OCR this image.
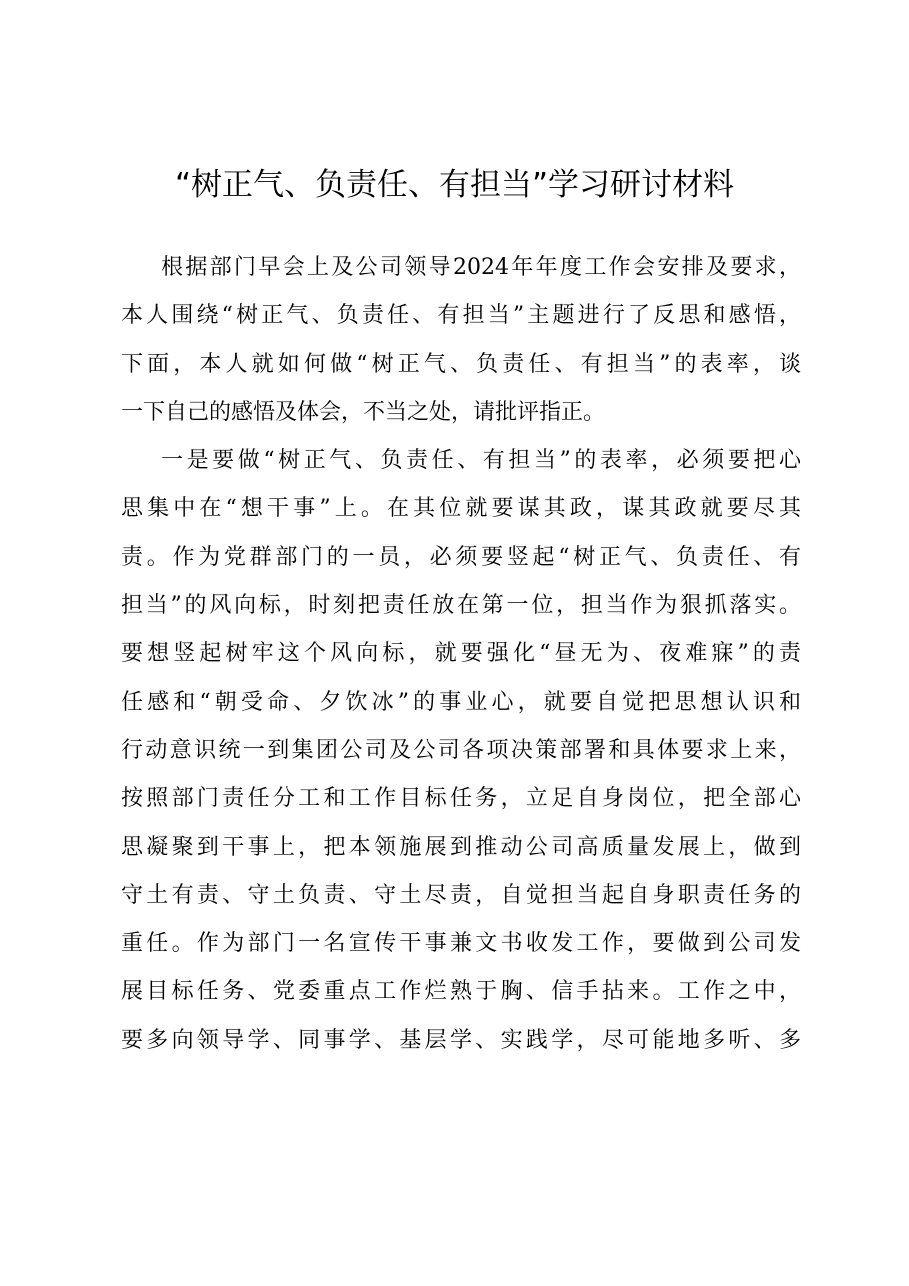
“树正气、负责任、有担当”学习研讨材料
根据部门早会上及公司领导2024年年度工作会安排及要求，
本人围绕“树正气、负责任、有担当”主题进行了反思和感悟，
下面，本人就如何做“树正气、负责任、有担当”的表率，谈
一下自己的感悟及体会，不当之处，请批评指正。
一是要做“树正气、负责任、有担当”的表率，必须要把心
思集中在“想干事”上。在其位就要谋其政，谋其政就要尽其
责。作为党群部门的一员，必须要竖起“树正气、负责任、有
担当”的风向标，时刻把责任放在第一位，担当作为狠抓落实。
要想竖起树牢这个风向标，就要强化“昼无为、夜难寐”的责
任感和“朝受命、夕饮冰”的事业心，就要自觉把思想认识和
行动意识统一到集团公司及公司各项决策部署和具体要求上来，
按照部门责任分工和工作目标任务，立足自身岗位，把全部心
思凝聚到干事上，把本领施展到推动公司高质量发展上，做到
守土有责、守土负责、守土尽责，自觉担当起自身职责任务的
重任。作为部门一名宣传干事兼文书收发工作，要做到公司发
展目标任务、党委重点工作烂熟于胸、信手拈来。工作之中，
要多向领导学、同事学、基层学、实践学，尽可能地多听、多
